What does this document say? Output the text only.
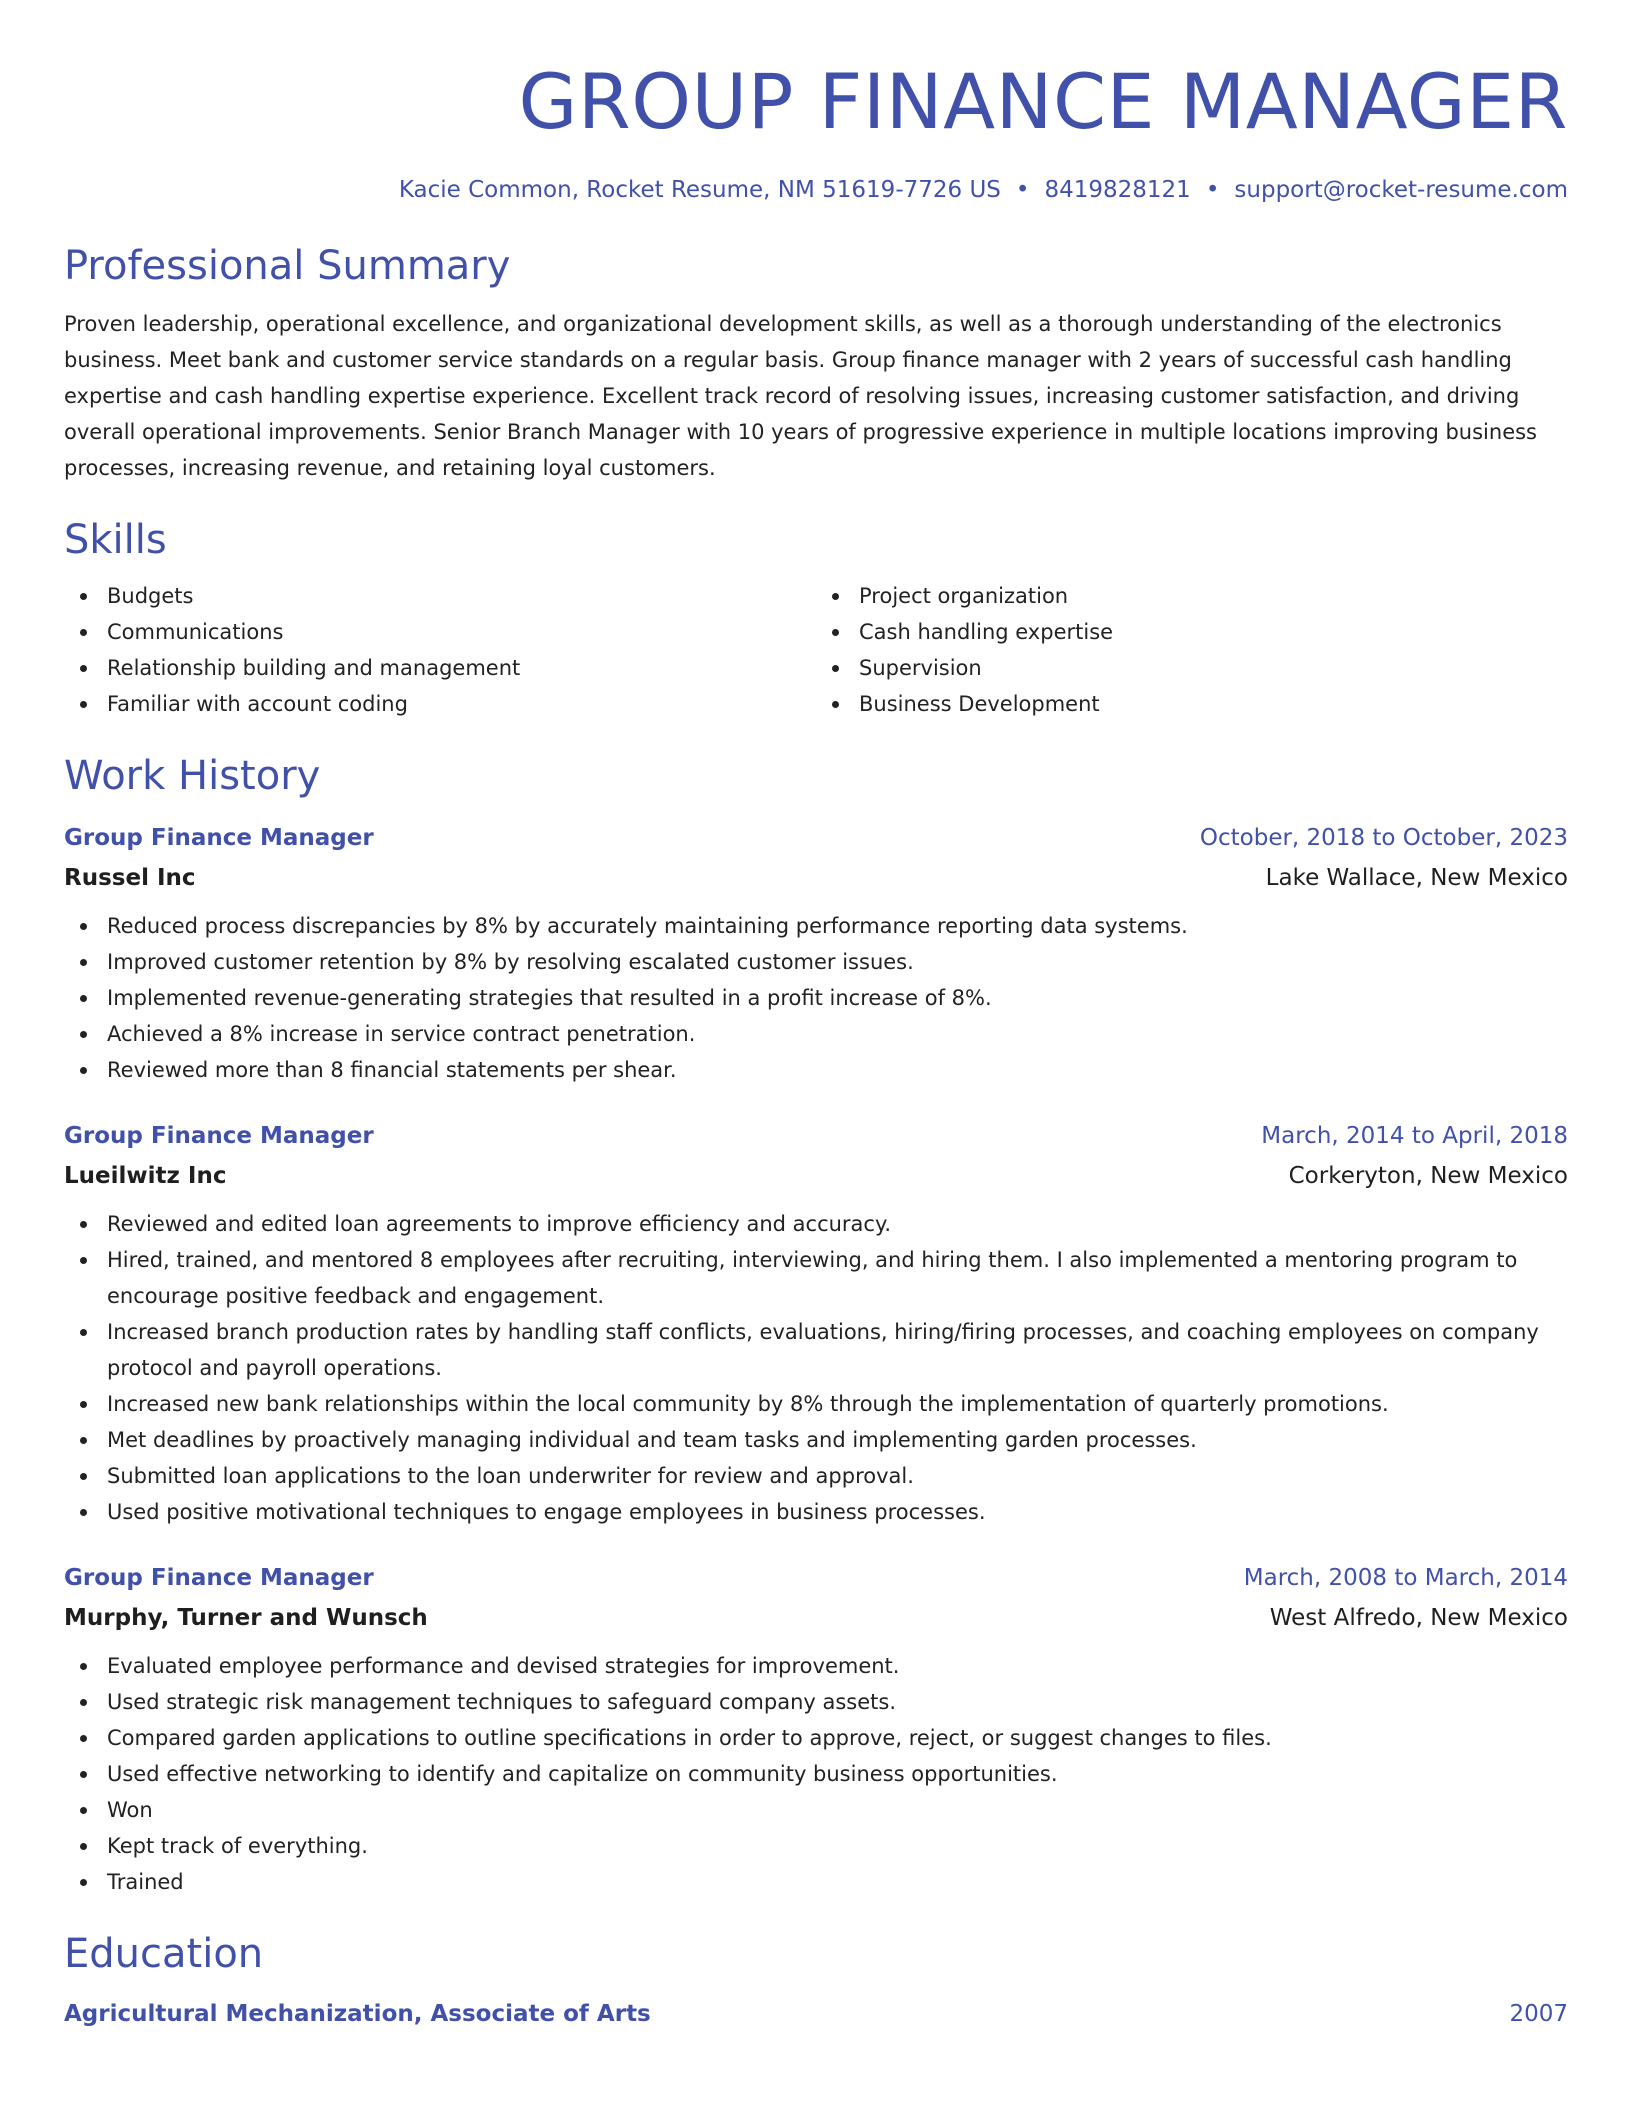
GROUP FINANCE MANAGER
Kacie Common, Rocket Resume, NM 51619-7726 US • 8419828121 • support@rocket-resume.com
Professional Summary

Proven leadership, operational excellence, and organizational development skills, as well as a thorough understanding of the electronics business. Meet bank and customer service standards on a regular basis. Group finance manager with 2 years of successful cash handling expertise and cash handling expertise experience. Excellent track record of resolving issues, increasing customer satisfaction, and driving overall operational improvements. Senior Branch Manager with 10 years of progressive experience in multiple locations improving business processes, increasing revenue, and retaining loyal customers.

Skills
Budgets
Communications
Relationship building and management
Familiar with account coding
Project organization
Cash handling expertise
Supervision
Business Development
Work History
Group Finance Manager	October, 2018 to October, 2023
Russel Inc	Lake Wallace, New Mexico
Reduced process discrepancies by 8% by accurately maintaining performance reporting data systems.
Improved customer retention by 8% by resolving escalated customer issues.
Implemented revenue-generating strategies that resulted in a profit increase of 8%.
Achieved a 8% increase in service contract penetration.
Reviewed more than 8 financial statements per shear.
Group Finance Manager	March, 2014 to April, 2018
Lueilwitz Inc	Corkeryton, New Mexico
Reviewed and edited loan agreements to improve efficiency and accuracy.
Hired, trained, and mentored 8 employees after recruiting, interviewing, and hiring them. I also implemented a mentoring program to encourage positive feedback and engagement.
Increased branch production rates by handling staff conflicts, evaluations, hiring/firing processes, and coaching employees on company protocol and payroll operations.
Increased new bank relationships within the local community by 8% through the implementation of quarterly promotions.
Met deadlines by proactively managing individual and team tasks and implementing garden processes.
Submitted loan applications to the loan underwriter for review and approval.
Used positive motivational techniques to engage employees in business processes.
Group Finance Manager	March, 2008 to March, 2014
Murphy, Turner and Wunsch	West Alfredo, New Mexico
Evaluated employee performance and devised strategies for improvement.
Used strategic risk management techniques to safeguard company assets.
Compared garden applications to outline specifications in order to approve, reject, or suggest changes to files.
Used effective networking to identify and capitalize on community business opportunities.
Won
Kept track of everything.
Trained
Education
Agricultural Mechanization, Associate of Arts	2007
